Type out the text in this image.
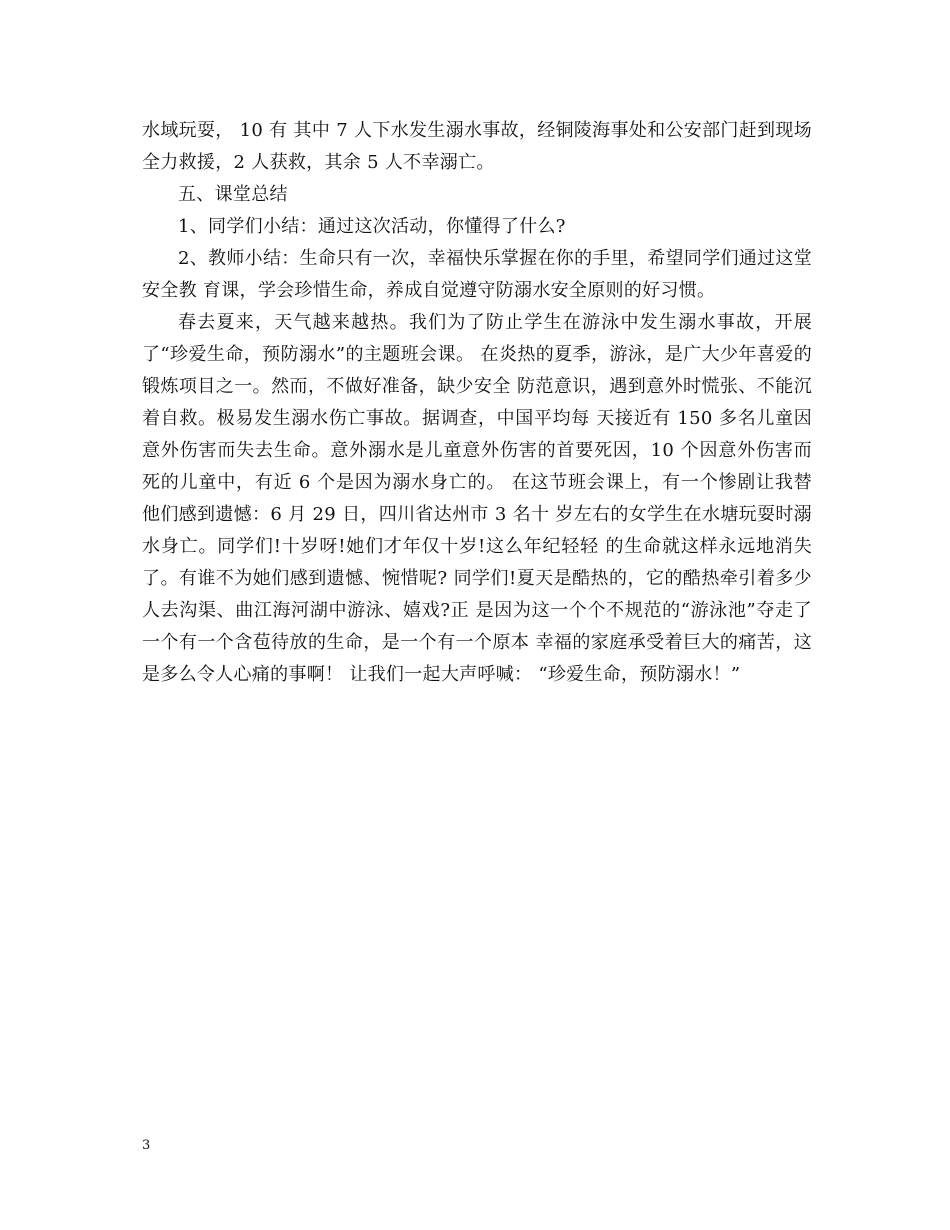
水域玩耍， 10 有 其中 7 人下水发生溺水事故，经铜陵海事处和公安部门赶到现场全力救援，2 人获救，其余 5 人不幸溺亡。

五、课堂总结

1、同学们小结：通过这次活动，你懂得了什么?

2、教师小结：生命只有一次，幸福快乐掌握在你的手里，希望同学们通过这堂安全教 育课，学会珍惜生命，养成自觉遵守防溺水安全原则的好习惯。

春去夏来，天气越来越热。我们为了防止学生在游泳中发生溺水事故，开展了“珍爱生命，预防溺水”的主题班会课。 在炎热的夏季，游泳，是广大少年喜爱的锻炼项目之一。然而，不做好准备，缺少安全 防范意识，遇到意外时慌张、不能沉着自救。极易发生溺水伤亡事故。据调查，中国平均每 天接近有 150 多名儿童因意外伤害而失去生命。意外溺水是儿童意外伤害的首要死因，10 个因意外伤害而死的儿童中，有近 6 个是因为溺水身亡的。 在这节班会课上，有一个惨剧让我替他们感到遗憾：6 月 29 日，四川省达州市 3 名十 岁左右的女学生在水塘玩耍时溺水身亡。同学们!十岁呀!她们才年仅十岁!这么年纪轻轻 的生命就这样永远地消失了。有谁不为她们感到遗憾、惋惜呢? 同学们!夏天是酷热的，它的酷热牵引着多少人去沟渠、曲江海河湖中游泳、嬉戏?正 是因为这一个个不规范的“游泳池”夺走了一个有一个含苞待放的生命，是一个有一个原本 幸福的家庭承受着巨大的痛苦，这是多么令人心痛的事啊！ 让我们一起大声呼喊： “珍爱生命，预防溺水！”

3
